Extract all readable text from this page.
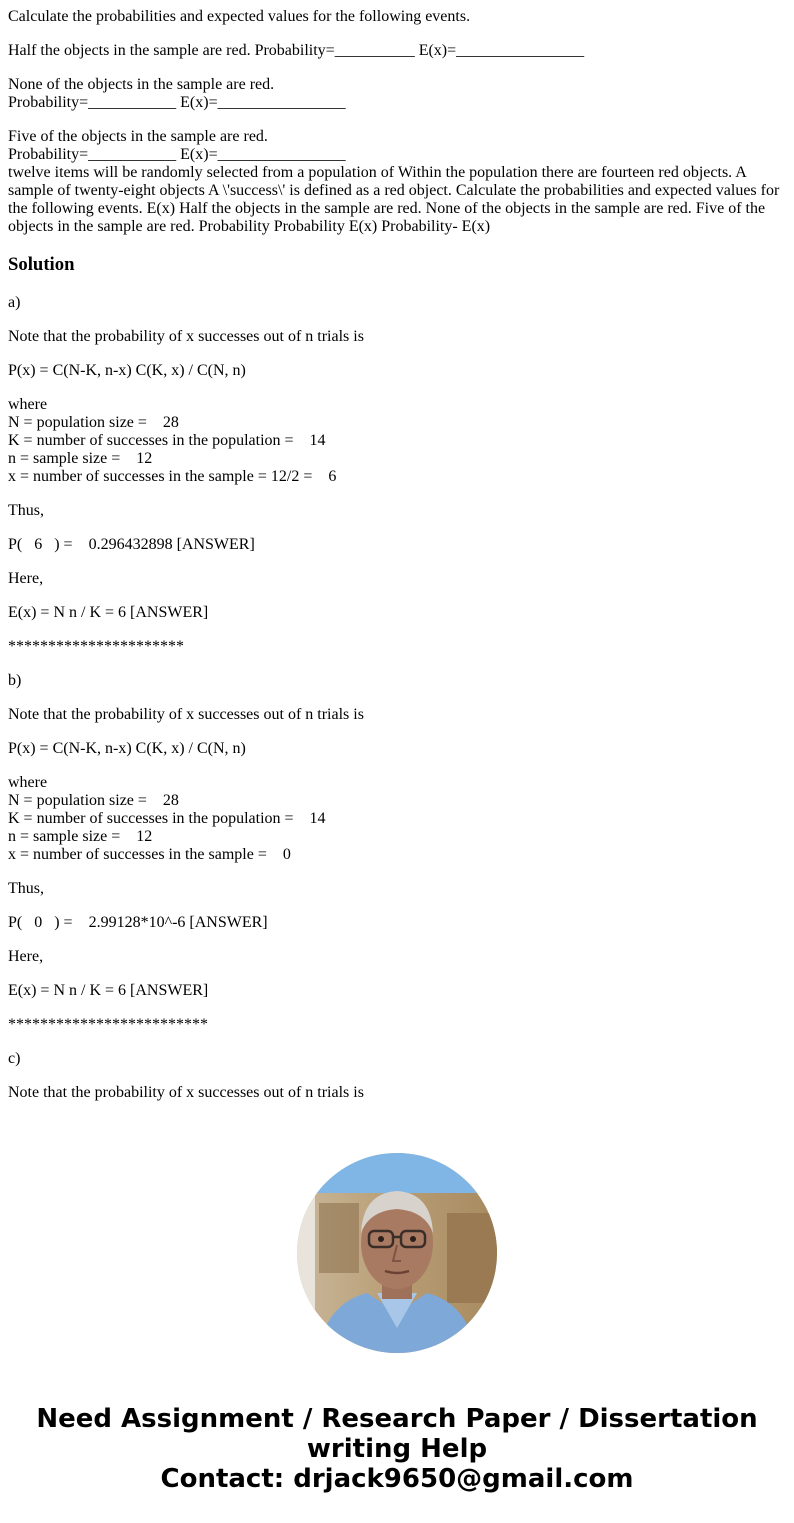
Calculate the probabilities and expected values for the following events.

Half the objects in the sample are red. Probability=__________ E(x)=________________

None of the objects in the sample are red.

Probability=___________ E(x)=________________

Five of the objects in the sample are red.

Probability=___________ E(x)=________________

twelve items will be randomly selected from a population of Within the population there are fourteen red objects. A sample of twenty-eight objects A \'success\' is defined as a red object. Calculate the probabilities and expected values for the following events. E(x) Half the objects in the sample are red. None of the objects in the sample are red. Five of the objects in the sample are red. Probability Probability E(x) Probability- E(x)

Solution

a)

Note that the probability of x successes out of n trials is

P(x) = C(N-K, n-x) C(K, x) / C(N, n)

where

N = population size =    28

K = number of successes in the population =    14

n = sample size =    12

x = number of successes in the sample = 12/2 =    6

Thus,

P(   6   ) =    0.296432898 [ANSWER]

Here,

E(x) = N n / K = 6 [ANSWER]

**********************

b)

Note that the probability of x successes out of n trials is

P(x) = C(N-K, n-x) C(K, x) / C(N, n)

where

N = population size =    28

K = number of successes in the population =    14

n = sample size =    12

x = number of successes in the sample =    0

Thus,

P(   0   ) =    2.99128*10^-6 [ANSWER]

Here,

E(x) = N n / K = 6 [ANSWER]

*************************

c)

Note that the probability of x successes out of n trials is

Need Assignment / Research Paper / Dissertation
writing Help
Contact: drjack9650@gmail.com
